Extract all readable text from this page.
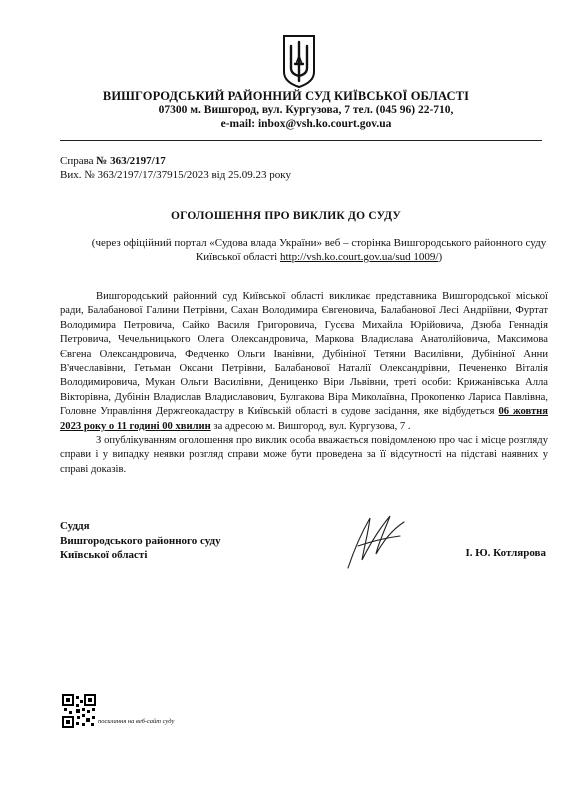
ВИШГОРОДСЬКИЙ РАЙОННИЙ СУД КИЇВСЬКОЇ ОБЛАСТІ
07300 м. Вишгород, вул. Кургузова, 7 тел. (045 96) 22-710,
e-mail: inbox@vsh.ko.court.gov.ua
Справа № 363/2197/17
Вих. № 363/2197/17/37915/2023 від 25.09.23 року
ОГОЛОШЕННЯ ПРО ВИКЛИК ДО СУДУ
(через офіційний портал «Судова влада України» веб – сторінка Вишгородського районного суду Київської області http://vsh.ko.court.gov.ua/sud 1009/)

Вишгородський районний суд Київської області викликає представника Вишгородської міської ради, Балабанової Галини Петрівни, Сахан Володимира Євгеновича, Балабанової Лесі Андріївни, Фуртат Володимира Петровича, Сайко Василя Григоровича, Гусєва Михайла Юрійовича, Дзюба Геннадія Петровича, Чечельницького Олега Олександровича, Маркова Владислава Анатолійовича, Максимова Євгена Олександровича, Федченко Ольги Іванівни, Дубініної Тетяни Василівни, Дубініної Анни В'ячеславівни, Гетьман Оксани Петрівни, Балабанової Наталії Олександрівни, Печененко Віталія Володимировича, Мукан Ольги Василівни, Дениценко Віри Львівни, треті особи: Крижанівська Алла Вікторівна, Дубінін Владислав Владиславович, Булгакова Віра Миколаївна, Прокопенко Лариса Павлівна, Головне Управління Держгеокадастру в Київській області в судове засідання, яке відбудеться 06 жовтня 2023 року о 11 годині 00 хвилин за адресою м. Вишгород, вул. Кургузова, 7 .

З опублікуванням оголошення про виклик особа вважається повідомленою про час і місце розгляду справи і у випадку неявки розгляд справи може бути проведена за її відсутності на підставі наявних у справі доказів.

Суддя
Вишгородського районного суду
Київської області	І. Ю. Котлярова
посилання на веб-сайт суду
